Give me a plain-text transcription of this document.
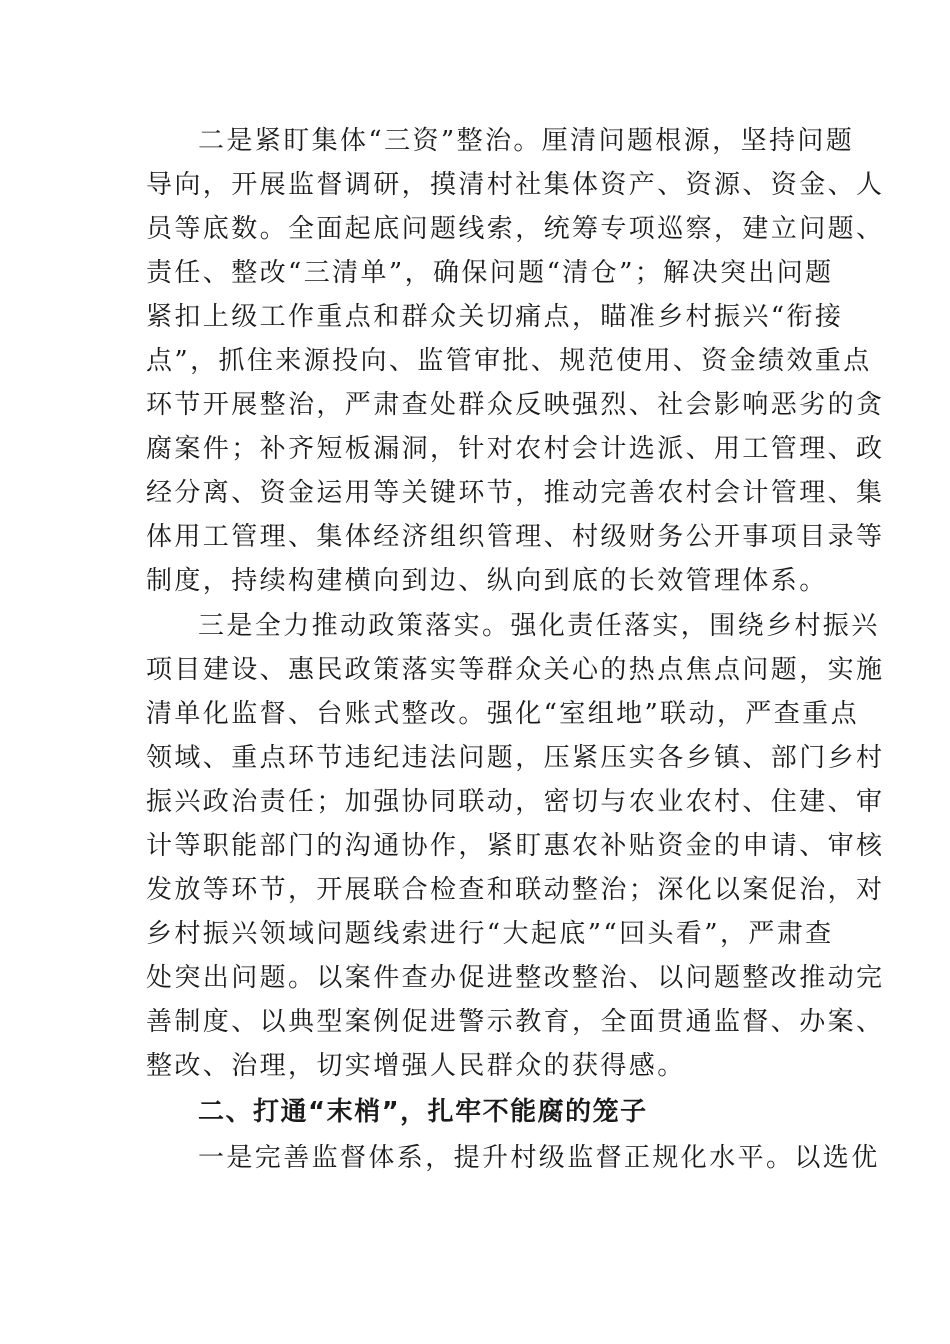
二是紧盯集体“三资”整治。厘清问题根源，坚持问题
导向，开展监督调研，摸清村社集体资产、资源、资金、人
员等底数。全面起底问题线索，统筹专项巡察，建立问题、
责任、整改“三清单”，确保问题“清仓”；解决突出问题
紧扣上级工作重点和群众关切痛点，瞄准乡村振兴“衔接
点”，抓住来源投向、监管审批、规范使用、资金绩效重点
环节开展整治，严肃查处群众反映强烈、社会影响恶劣的贪
腐案件；补齐短板漏洞，针对农村会计选派、用工管理、政
经分离、资金运用等关键环节，推动完善农村会计管理、集
体用工管理、集体经济组织管理、村级财务公开事项目录等
制度，持续构建横向到边、纵向到底的长效管理体系。
三是全力推动政策落实。强化责任落实，围绕乡村振兴
项目建设、惠民政策落实等群众关心的热点焦点问题，实施
清单化监督、台账式整改。强化“室组地”联动，严查重点
领域、重点环节违纪违法问题，压紧压实各乡镇、部门乡村
振兴政治责任；加强协同联动，密切与农业农村、住建、审
计等职能部门的沟通协作，紧盯惠农补贴资金的申请、审核
发放等环节，开展联合检查和联动整治；深化以案促治，对
乡村振兴领域问题线索进行“大起底”“回头看”，严肃查
处突出问题。以案件查办促进整改整治、以问题整改推动完
善制度、以典型案例促进警示教育，全面贯通监督、办案、
整改、治理，切实增强人民群众的获得感。
二、打通“末梢”，扎牢不能腐的笼子
一是完善监督体系，提升村级监督正规化水平。以选优
